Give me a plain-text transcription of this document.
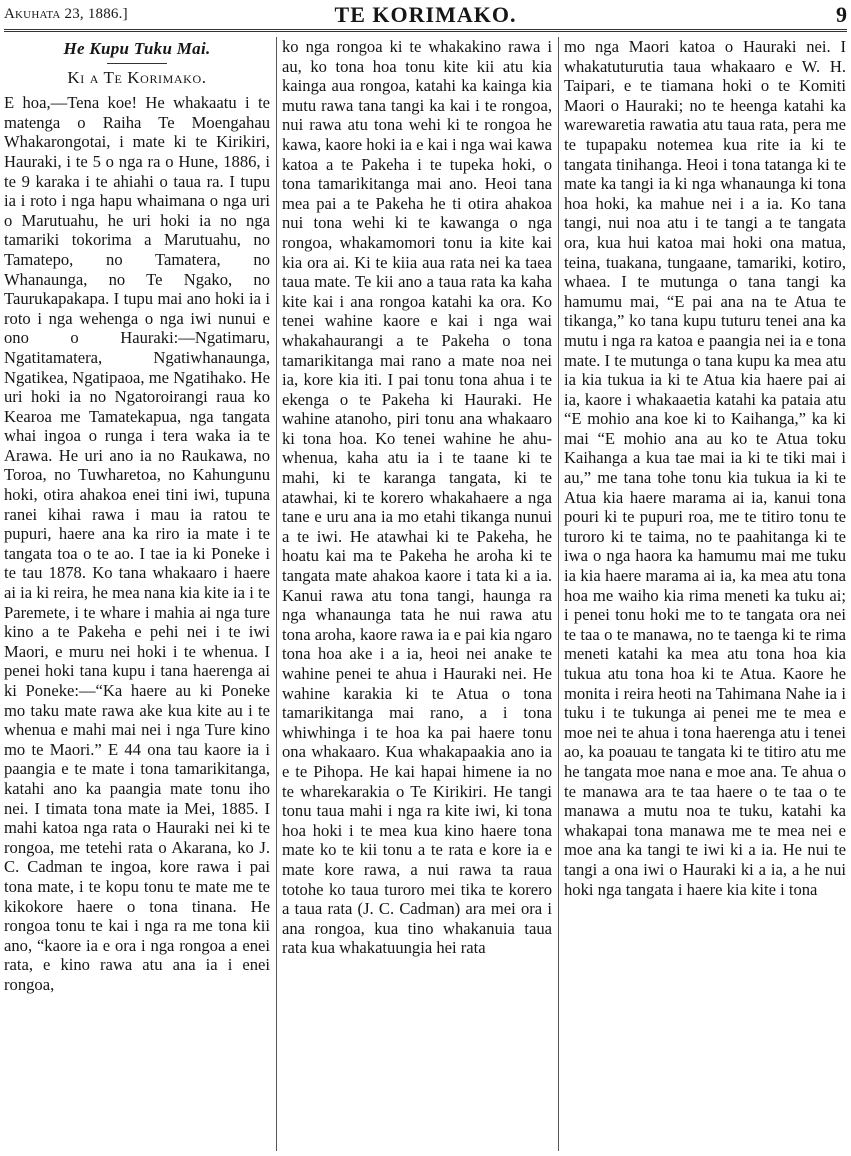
Akuhata 23, 1886.]	TE KORIMAKO.	9
He Kupu Tuku Mai.
Ki a Te Korimako.

E hoa,—Tena koe! He whakaatu i te matenga o Raiha Te Moengahau Whakarongotai, i mate ki te Kirikiri, Hauraki, i te 5 o nga ra o Hune, 1886, i te 9 karaka i te ahiahi o taua ra. I tupu ia i roto i nga hapu whaimana o nga uri o Marutuahu, he uri hoki ia no nga tamariki tokorima a Marutuahu, no Tamatepo, no Tamatera, no Whanaunga, no Te Ngako, no Taurukapakapa. I tupu mai ano hoki ia i roto i nga wehenga o nga iwi nunui e ono o Hauraki:—Ngatimaru, Ngatitamatera, Ngatiwhanaunga, Ngatikea, Ngatipaoa, me Ngatihako. He uri hoki ia no Ngatoroirangi raua ko Kearoa me Tamatekapua, nga tangata whai ingoa o runga i tera waka ia te Arawa. He uri ano ia no Raukawa, no Toroa, no Tuwharetoa, no Kahungunu hoki, otira ahakoa enei tini iwi, tupuna ranei kihai rawa i mau ia ratou te pupuri, haere ana ka riro ia mate i te tangata toa o te ao. I tae ia ki Poneke i te tau 1878. Ko tana whakaaro i haere ai ia ki reira, he mea nana kia kite ia i te Paremete, i te whare i mahia ai nga ture kino a te Pakeha e pehi nei i te iwi Maori, e muru nei hoki i te whenua. I penei hoki tana kupu i tana haerenga ai ki Poneke:—“Ka haere au ki Poneke mo taku mate rawa ake kua kite au i te whenua e mahi mai nei i nga Ture kino mo te Maori.” E 44 ona tau kaore ia i paangia e te mate i tona tamarikitanga, katahi ano ka paangia mate tonu iho nei. I timata tona mate ia Mei, 1885. I mahi katoa nga rata o Hauraki nei ki te rongoa, me tetehi rata o Akarana, ko J. C. Cadman te ingoa, kore rawa i pai tona mate, i te kopu tonu te mate me te kikokore haere o tona tinana. He rongoa tonu te kai i nga ra me tona kii ano, “kaore ia e ora i nga rongoa a enei rata, e kino rawa atu ana ia i enei rongoa,

ko nga rongoa ki te whakakino rawa i au, ko tona hoa tonu kite kii atu kia kainga aua rongoa, katahi ka kainga kia mutu rawa tana tangi ka kai i te rongoa, nui rawa atu tona wehi ki te rongoa he kawa, kaore hoki ia e kai i nga wai kawa katoa a te Pakeha i te tupeka hoki, o tona tamarikitanga mai ano. Heoi tana mea pai a te Pakeha he ti otira ahakoa nui tona wehi ki te kawanga o nga rongoa, whakamomori tonu ia kite kai kia ora ai. Ki te kiia aua rata nei ka taea taua mate. Te kii ano a taua rata ka kaha kite kai i ana rongoa katahi ka ora. Ko tenei wahine kaore e kai i nga wai whakahaurangi a te Pakeha o tona tamarikitanga mai rano a mate noa nei ia, kore kia iti. I pai tonu tona ahua i te ekenga o te Pakeha ki Hauraki. He wahine atanoho, piri tonu ana whakaaro ki tona hoa. Ko tenei wahine he ahu-whenua, kaha atu ia i te taane ki te mahi, ki te karanga tangata, ki te atawhai, ki te korero whakahaere a nga tane e uru ana ia mo etahi tikanga nunui a te iwi. He atawhai ki te Pakeha, he hoatu kai ma te Pakeha he aroha ki te tangata mate ahakoa kaore i tata ki a ia. Kanui rawa atu tona tangi, haunga ra nga whanaunga tata he nui rawa atu tona aroha, kaore rawa ia e pai kia ngaro tona hoa ake i a ia, heoi nei anake te wahine penei te ahua i Hauraki nei. He wahine karakia ki te Atua o tona tamarikitanga mai rano, a i tona whiwhinga i te hoa ka pai haere tonu ona whakaaro. Kua whakapaakia ano ia e te Pihopa. He kai hapai himene ia no te wharekarakia o Te Kirikiri. He tangi tonu taua mahi i nga ra kite iwi, ki tona hoa hoki i te mea kua kino haere tona mate ko te kii tonu a te rata e kore ia e mate kore rawa, a nui rawa ta raua totohe ko taua turoro mei tika te korero a taua rata (J. C. Cadman) ara mei ora i ana rongoa, kua tino whakanuia taua rata kua whakatuungia hei rata

mo nga Maori katoa o Hauraki nei. I whakatuturutia taua whakaaro e W. H. Taipari, e te tiamana hoki o te Komiti Maori o Hauraki; no te heenga katahi ka warewaretia rawatia atu taua rata, pera me te tupapaku notemea kua rite ia ki te tangata tinihanga. Heoi i tona tatanga ki te mate ka tangi ia ki nga whanaunga ki tona hoa hoki, ka mahue nei i a ia. Ko tana tangi, nui noa atu i te tangi a te tangata ora, kua hui katoa mai hoki ona matua, teina, tuakana, tungaane, tamariki, kotiro, whaea. I te mutunga o tana tangi ka hamumu mai, “E pai ana na te Atua te tikanga,” ko tana kupu tuturu tenei ana ka mutu i nga ra katoa e paangia nei ia e tona mate. I te mutunga o tana kupu ka mea atu ia kia tukua ia ki te Atua kia haere pai ai ia, kaore i whakaaetia katahi ka pataia atu “E mohio ana koe ki to Kaihanga,” ka ki mai “E mohio ana au ko te Atua toku Kaihanga a kua tae mai ia ki te tiki mai i au,” me tana tohe tonu kia tukua ia ki te Atua kia haere marama ai ia, kanui tona pouri ki te pupuri roa, me te titiro tonu te turoro ki te taima, no te paahitanga ki te iwa o nga haora ka hamumu mai me tuku ia kia haere marama ai ia, ka mea atu tona hoa me waiho kia rima meneti ka tuku ai; i penei tonu hoki me to te tangata ora nei te taa o te manawa, no te taenga ki te rima meneti katahi ka mea atu tona hoa kia tukua atu tona hoa ki te Atua. Kaore he monita i reira heoti na Tahimana Nahe ia i tuku i te tukunga ai penei me te mea e moe nei te ahua i tona haerenga atu i tenei ao, ka poauau te tangata ki te titiro atu me he tangata moe nana e moe ana. Te ahua o te manawa ara te taa haere o te taa o te manawa a mutu noa te tuku, katahi ka whakapai tona manawa me te mea nei e moe ana ka tangi te iwi ki a ia. He nui te tangi a ona iwi o Hauraki ki a ia, a he nui hoki nga tangata i haere kia kite i tona
